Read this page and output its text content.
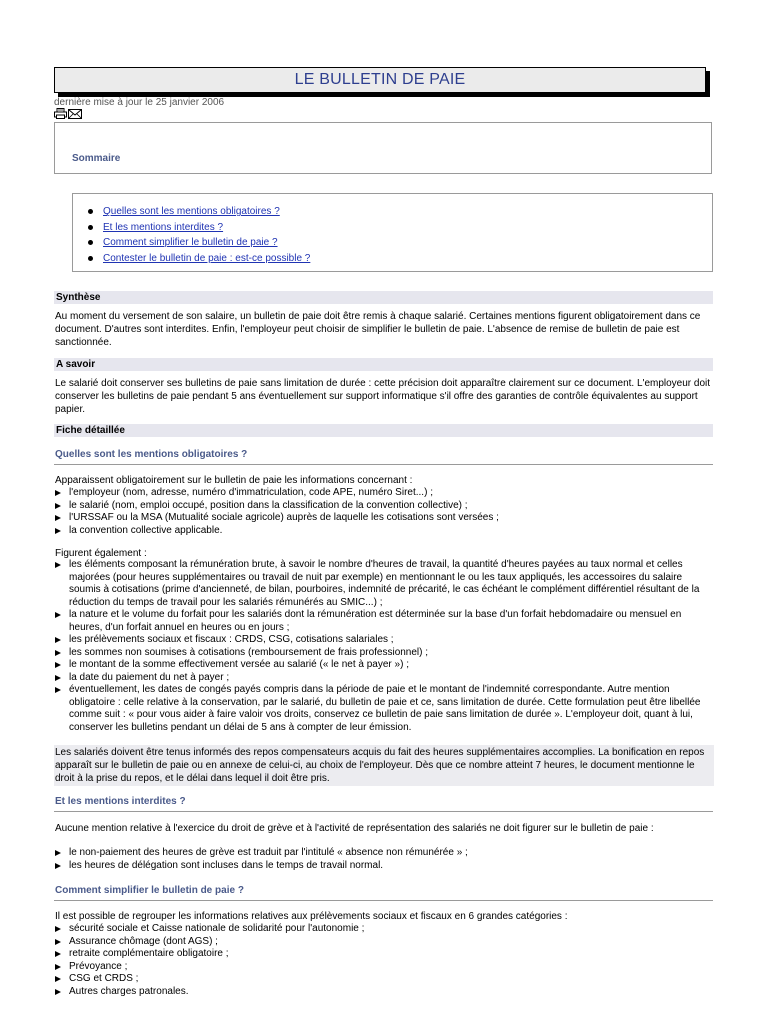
LE BULLETIN DE PAIE
dernière mise à jour le 25 janvier 2006
Sommaire
Quelles sont les mentions obligatoires ?
Et les mentions interdites ?
Comment simplifier le bulletin de paie ?
Contester le bulletin de paie : est-ce possible ?
Synthèse
Au moment du versement de son salaire, un bulletin de paie doit être remis à chaque salarié. Certaines mentions figurent obligatoirement dans ce document. D'autres sont interdites. Enfin, l'employeur peut choisir de simplifier le bulletin de paie. L'absence de remise de bulletin de paie est sanctionnée.
A savoir
Le salarié doit conserver ses bulletins de paie sans limitation de durée : cette précision doit apparaître clairement sur ce document. L'employeur doit conserver les bulletins de paie pendant 5 ans éventuellement sur support informatique s'il offre des garanties de contrôle équivalentes au support papier.
Fiche détaillée
Quelles sont les mentions obligatoires ?
Apparaissent obligatoirement sur le bulletin de paie les informations concernant :
l'employeur (nom, adresse, numéro d'immatriculation, code APE, numéro Siret...) ;
le salarié (nom, emploi occupé, position dans la classification de la convention collective) ;
l'URSSAF ou la MSA (Mutualité sociale agricole) auprès de laquelle les cotisations sont versées ;
la convention collective applicable.
Figurent également :
les éléments composant la rémunération brute, à savoir le nombre d'heures de travail, la quantité d'heures payées au taux normal et celles majorées (pour heures supplémentaires ou travail de nuit par exemple) en mentionnant le ou les taux appliqués, les accessoires du salaire soumis à cotisations (prime d'ancienneté, de bilan, pourboires, indemnité de précarité, le cas échéant le complément différentiel résultant de la réduction du temps de travail pour les salariés rémunérés au SMIC...) ;
la nature et le volume du forfait pour les salariés dont la rémunération est déterminée sur la base d'un forfait hebdomadaire ou mensuel en heures, d'un forfait annuel en heures ou en jours ;
les prélèvements sociaux et fiscaux : CRDS, CSG, cotisations salariales ;
les sommes non soumises à cotisations (remboursement de frais professionnel) ;
le montant de la somme effectivement versée au salarié (« le net à payer ») ;
la date du paiement du net à payer ;
éventuellement, les dates de congés payés compris dans la période de paie et le montant de l'indemnité correspondante. Autre mention obligatoire : celle relative à la conservation, par le salarié, du bulletin de paie et ce, sans limitation de durée. Cette formulation peut être libellée comme suit : « pour vous aider à faire valoir vos droits, conservez ce bulletin de paie sans limitation de durée ». L'employeur doit, quant à lui, conserver les bulletins pendant un délai de 5 ans à compter de leur émission.
Les salariés doivent être tenus informés des repos compensateurs acquis du fait des heures supplémentaires accomplies. La bonification en repos apparaît sur le bulletin de paie ou en annexe de celui-ci, au choix de l'employeur. Dès que ce nombre atteint 7 heures, le document mentionne le droit à la prise du repos, et le délai dans lequel il doit être pris.
Et les mentions interdites ?
Aucune mention relative à l'exercice du droit de grève et à l'activité de représentation des salariés ne doit figurer sur le bulletin de paie :
le non-paiement des heures de grève est traduit par l'intitulé « absence non rémunérée » ;
les heures de délégation sont incluses dans le temps de travail normal.
Comment simplifier le bulletin de paie ?
Il est possible de regrouper les informations relatives aux prélèvements sociaux et fiscaux en 6 grandes catégories :
sécurité sociale et Caisse nationale de solidarité pour l'autonomie ;
Assurance chômage (dont AGS) ;
retraite complémentaire obligatoire ;
Prévoyance ;
CSG et CRDS ;
Autres charges patronales.
